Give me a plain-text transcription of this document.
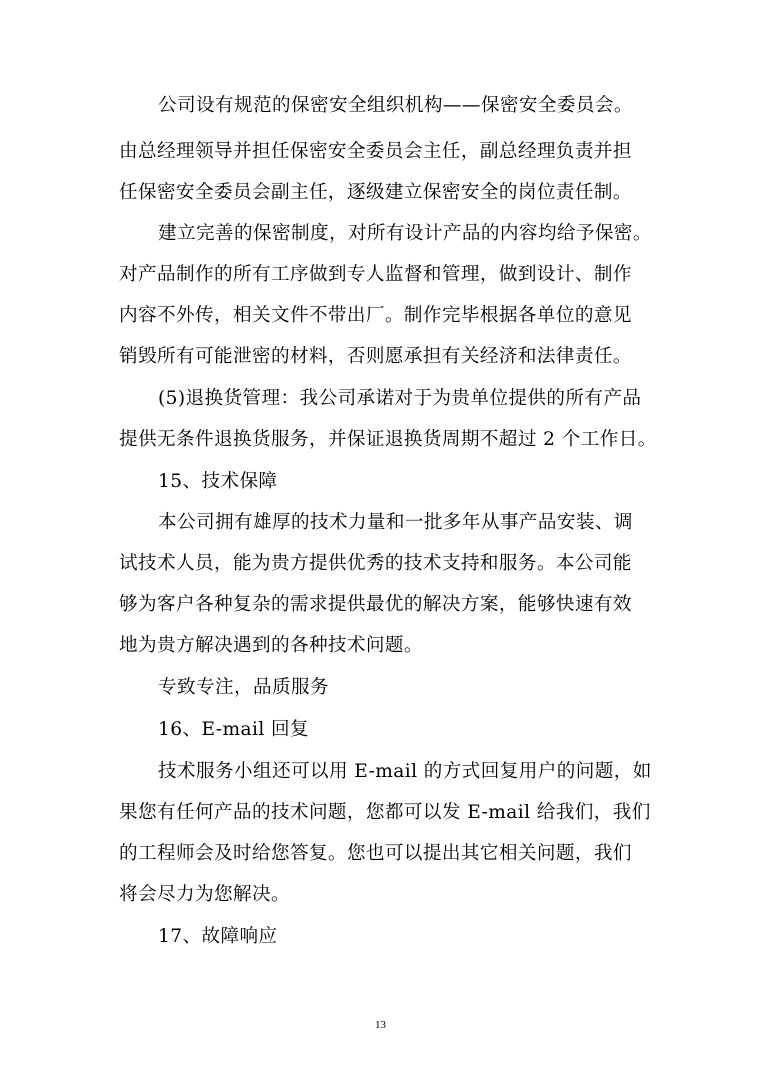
公司设有规范的保密安全组织机构——保密安全委员会。
由总经理领导并担任保密安全委员会主任，副总经理负责并担
任保密安全委员会副主任，逐级建立保密安全的岗位责任制。
建立完善的保密制度，对所有设计产品的内容均给予保密。
对产品制作的所有工序做到专人监督和管理，做到设计、制作
内容不外传，相关文件不带出厂。制作完毕根据各单位的意见
销毁所有可能泄密的材料，否则愿承担有关经济和法律责任。
(5)退换货管理：我公司承诺对于为贵单位提供的所有产品
提供无条件退换货服务，并保证退换货周期不超过 2 个工作日。
15、技术保障
本公司拥有雄厚的技术力量和一批多年从事产品安装、调
试技术人员，能为贵方提供优秀的技术支持和服务。本公司能
够为客户各种复杂的需求提供最优的解决方案，能够快速有效
地为贵方解决遇到的各种技术问题。
专致专注，品质服务
16、E-mail 回复
技术服务小组还可以用 E-mail 的方式回复用户的问题，如
果您有任何产品的技术问题，您都可以发 E-mail 给我们，我们
的工程师会及时给您答复。您也可以提出其它相关问题，我们
将会尽力为您解决。
17、故障响应
13
